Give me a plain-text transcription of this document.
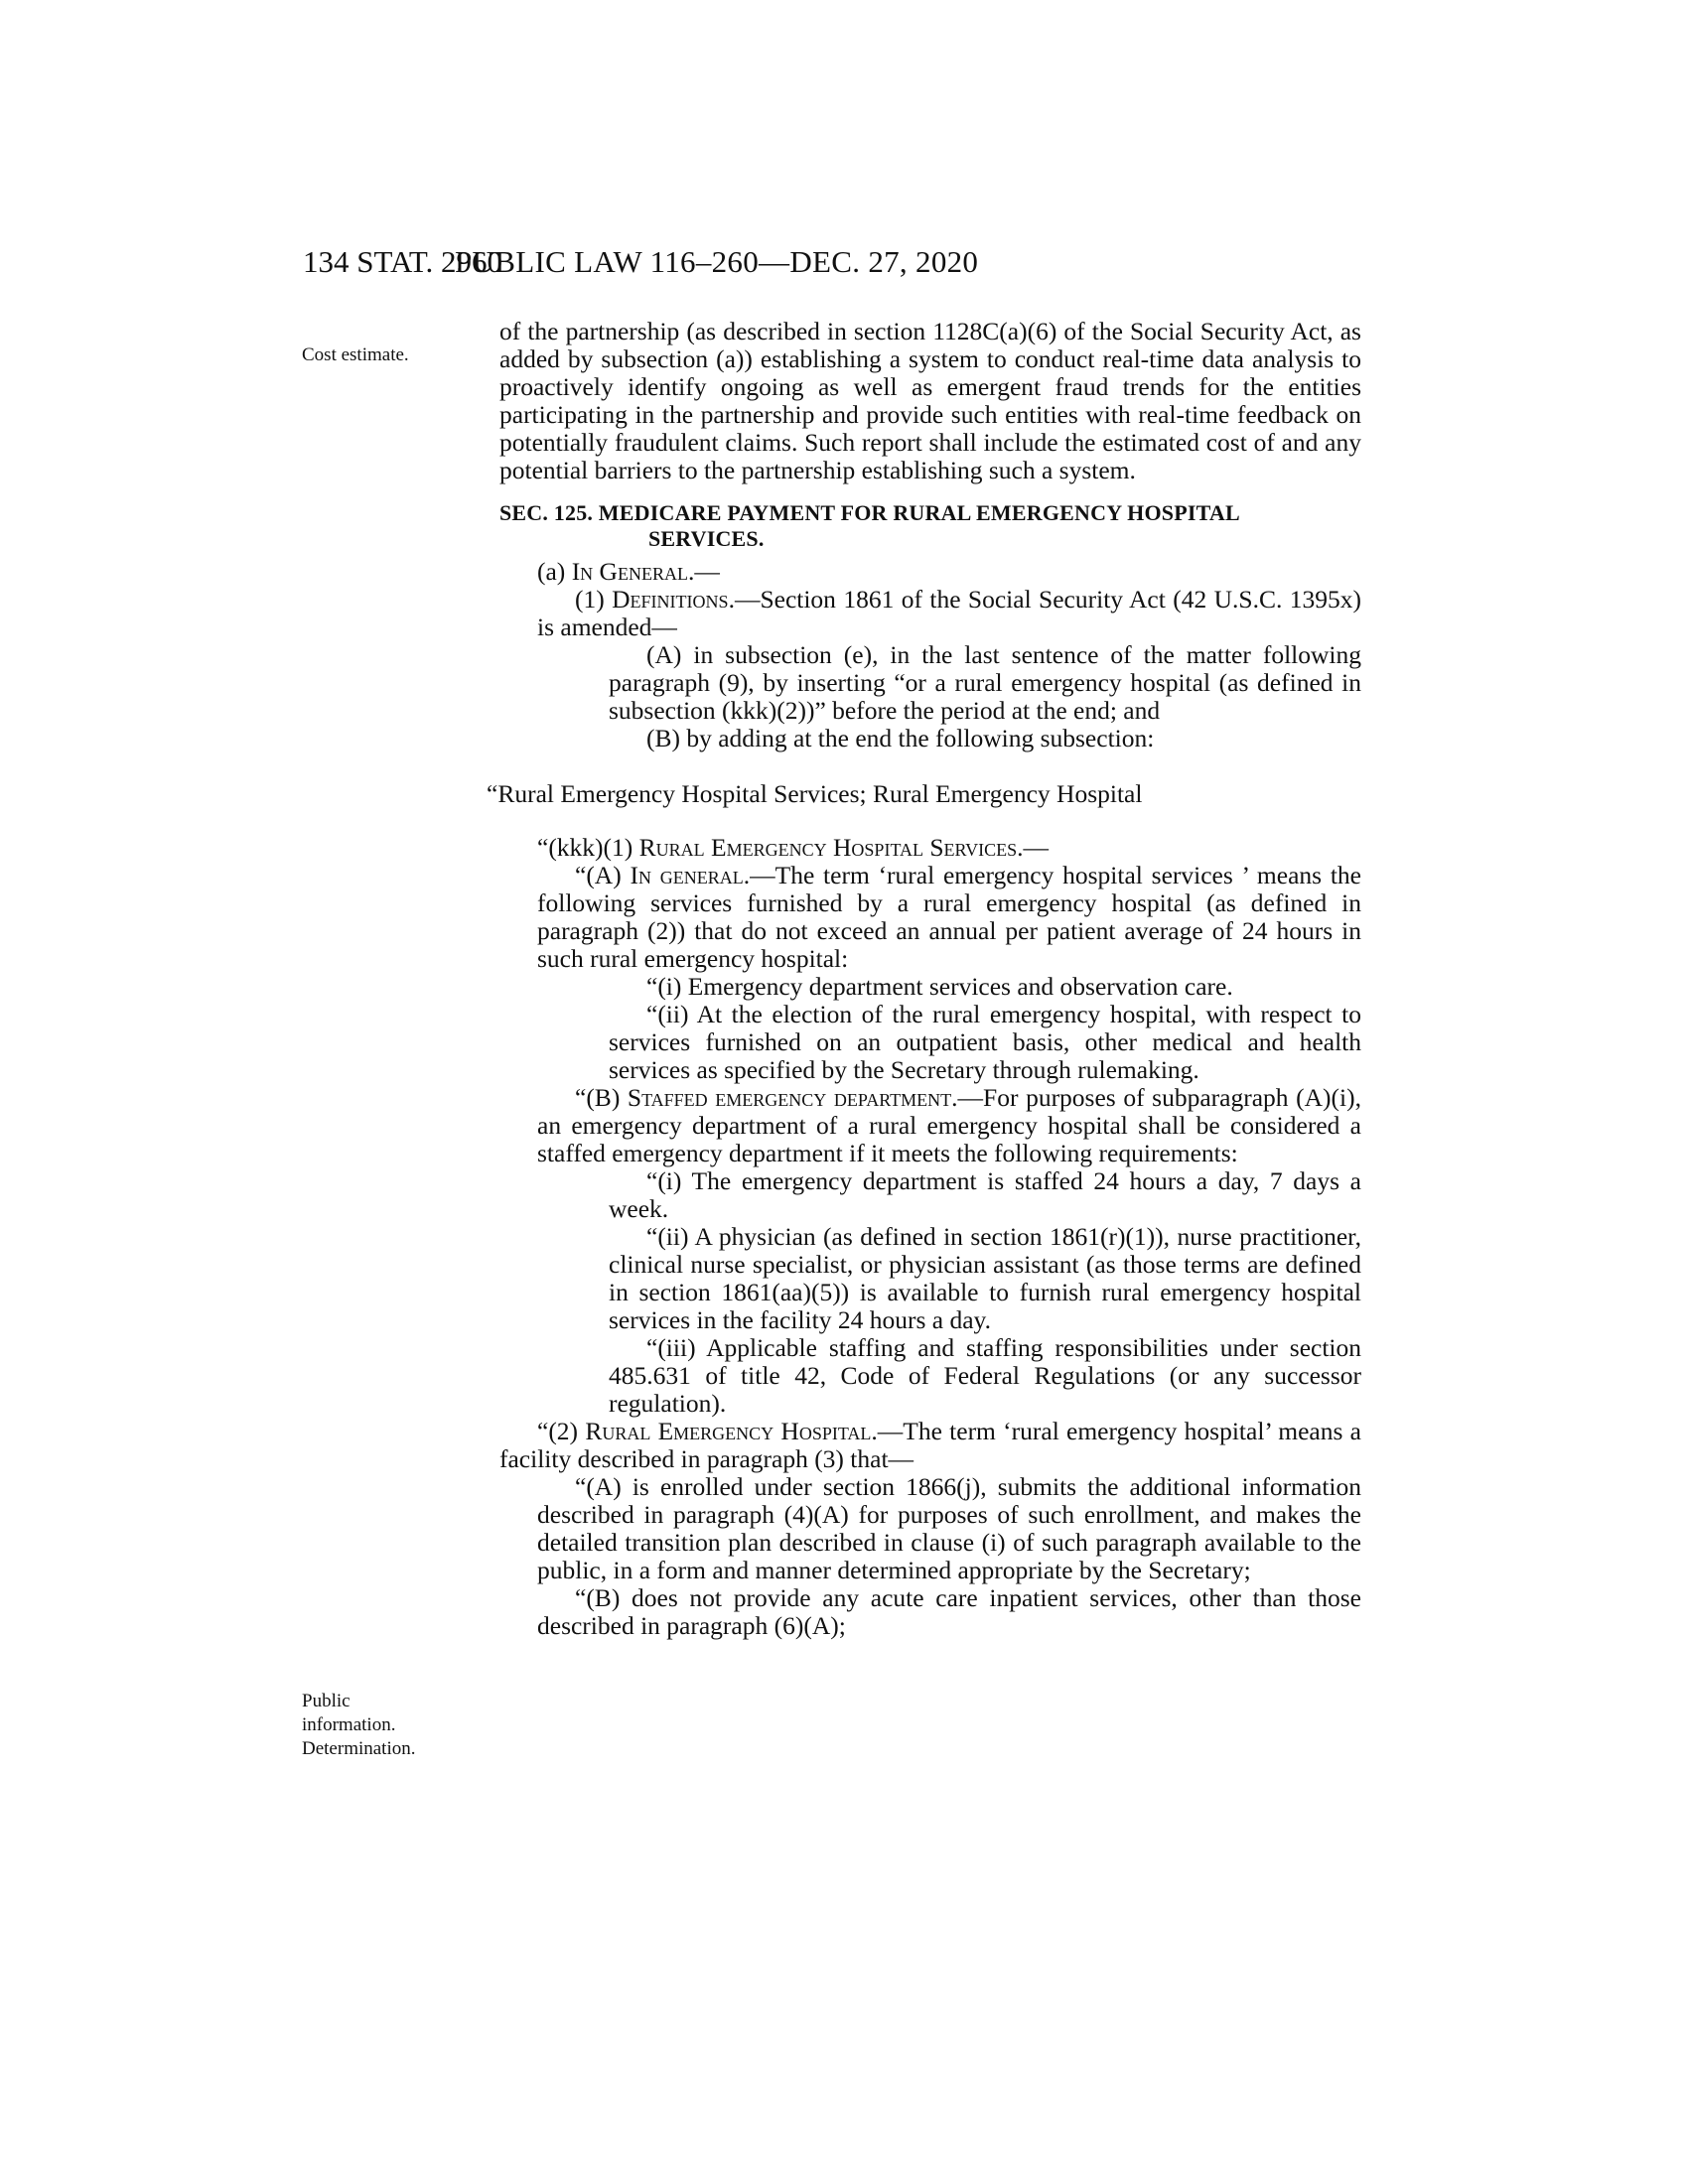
134 STAT. 2960
PUBLIC LAW 116–260—DEC. 27, 2020
Cost estimate.
Public
information.
Determination.

of the partnership (as described in section 1128C(a)(6) of the Social Security Act, as added by subsection (a)) establishing a system to conduct real-time data analysis to proactively identify ongoing as well as emergent fraud trends for the entities participating in the partnership and provide such entities with real-time feedback on potentially fraudulent claims. Such report shall include the estimated cost of and any potential barriers to the partnership establishing such a system.

SEC. 125. MEDICARE PAYMENT FOR RURAL EMERGENCY HOSPITAL
SERVICES.

(a) In General.—

(1) Definitions.—Section 1861 of the Social Security Act (42 U.S.C. 1395x) is amended—

(A) in subsection (e), in the last sentence of the matter following paragraph (9), by inserting “or a rural emergency hospital (as defined in subsection (kkk)(2))” before the period at the end; and

(B) by adding at the end the following subsection:

“Rural Emergency Hospital Services; Rural Emergency Hospital

“(kkk)(1) Rural Emergency Hospital Services.—

“(A) In general.—The term ‘rural emergency hospital services ’ means the following services furnished by a rural emergency hospital (as defined in paragraph (2)) that do not exceed an annual per patient average of 24 hours in such rural emergency hospital:

“(i) Emergency department services and observation care.

“(ii) At the election of the rural emergency hospital, with respect to services furnished on an outpatient basis, other medical and health services as specified by the Secretary through rulemaking.

“(B) Staffed emergency department.—For purposes of subparagraph (A)(i), an emergency department of a rural emergency hospital shall be considered a staffed emergency department if it meets the following requirements:

“(i) The emergency department is staffed 24 hours a day, 7 days a week.

“(ii) A physician (as defined in section 1861(r)(1)), nurse practitioner, clinical nurse specialist, or physician assistant (as those terms are defined in section 1861(aa)(5)) is available to furnish rural emergency hospital services in the facility 24 hours a day.

“(iii) Applicable staffing and staffing responsibilities under section 485.631 of title 42, Code of Federal Regulations (or any successor regulation).

“(2) Rural Emergency Hospital.—The term ‘rural emergency hospital’ means a facility described in paragraph (3) that—

“(A) is enrolled under section 1866(j), submits the additional information described in paragraph (4)(A) for purposes of such enrollment, and makes the detailed transition plan described in clause (i) of such paragraph available to the public, in a form and manner determined appropriate by the Secretary;

“(B) does not provide any acute care inpatient services, other than those described in paragraph (6)(A);
